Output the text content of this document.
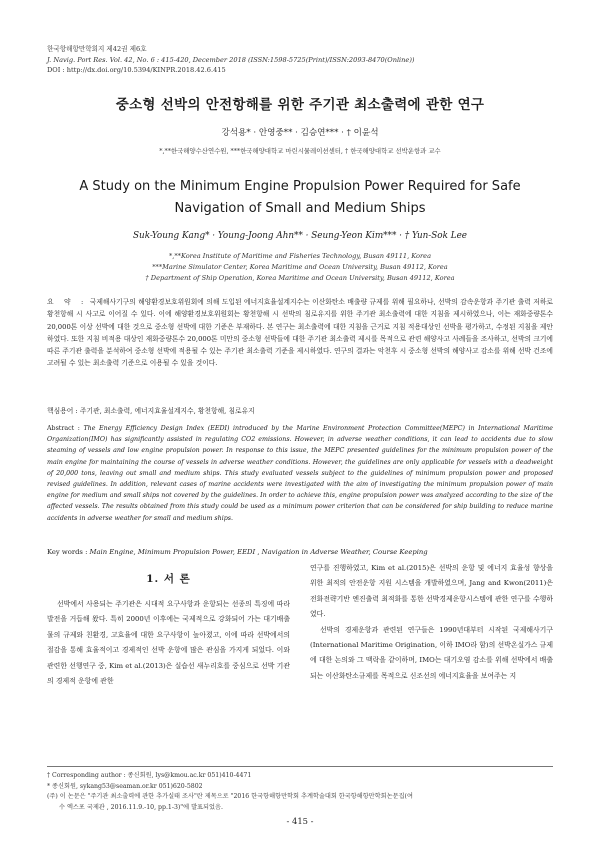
한국항해항만학회지 제42권 제6호
J. Navig. Port Res. Vol. 42, No. 6 : 415-420, December 2018 (ISSN:1598-5725(Print)/ISSN:2093-8470(Online))
DOI : http://dx.doi.org/10.5394/KINPR.2018.42.6.415
중소형 선박의 안전항해를 위한 주기관 최소출력에 관한 연구
강석용* · 안영중** · 김승연*** · † 이윤석
*,**한국해양수산연수원, ***한국해양대학교 마린시뮬레이션센터, † 한국해양대학교 선박운항과 교수
A Study on the Minimum Engine Propulsion Power Required for Safe Navigation of Small and Medium Ships
Suk-Young Kang* · Young-Joong Ahn** · Seung-Yeon Kim*** · † Yun-Sok Lee
*,**Korea Institute of Maritime and Fisheries Technology, Busan 49111, Korea
***Marine Simulator Center, Korea Maritime and Ocean University, Busan 49112, Korea
† Department of Ship Operation, Korea Maritime and Ocean University, Busan 49112, Korea
요 약 : 국제해사기구의 해양환경보호위원회에 의해 도입된 에너지효율설계지수는 이산화탄소 배출량 규제를 위해 필요하나, 선박의 감속운항과 주기관 출력 저하로 황천항해 시 사고로 이어질 수 있다. 이에 해양환경보호위원회는 황천항해 시 선박의 침로유지를 위한 주기관 최소출력에 대한 지침을 제시하였으나, 이는 재화중량톤수 20,000톤 이상 선박에 대한 것으로 중소형 선박에 대한 기준은 부재하다. 본 연구는 최소출력에 대한 지침을 근거로 지침 적용대상인 선박을 평가하고, 수정된 지침을 제안하였다. 또한 지침 비적용 대상인 재화중량톤수 20,000톤 미만의 중소형 선박들에 대한 주기관 최소출력 제시를 목적으로 관련 해양사고 사례들을 조사하고, 선박의 크기에 따른 주기관 출력을 분석하여 중소형 선박에 적용될 수 있는 주기관 최소출력 기준을 제시하였다. 연구의 결과는 악천후 시 중소형 선박의 해양사고 감소를 위해 선박 건조에 고려될 수 있는 최소출력 기준으로 이용될 수 있을 것이다.
핵심용어 : 주기관, 최소출력, 에너지효율설계지수, 황천항해, 침로유지
Abstract : The Energy Efficiency Design Index (EEDI) introduced by the Marine Environment Protection Committee(MEPC) in International Maritime Organization(IMO) has significantly assisted in regulating CO2 emissions. However, in adverse weather conditions, it can lead to accidents due to slow steaming of vessels and low engine propulsion power. In response to this issue, the MEPC presented guidelines for the minimum propulsion power of the main engine for maintaining the course of vessels in adverse weather conditions. However, the guidelines are only applicable for vessels with a deadweight of 20,000 tons, leaving out small and medium ships. This study evaluated vessels subject to the guidelines of minimum propulsion power and proposed revised guidelines. In addition, relevant cases of marine accidents were investigated with the aim of investigating the minimum propulsion power of main engine for medium and small ships not covered by the guidelines. In order to achieve this, engine propulsion power was analyzed according to the size of the affected vessels. The results obtained from this study could be used as a minimum power criterion that can be considered for ship building to reduce marine accidents in adverse weather for small and medium ships.
Key words : Main Engine, Minimum Propulsion Power, EEDI , Navigation in Adverse Weather, Course Keeping
1. 서 론
선박에서 사용되는 주기관은 시대적 요구사항과 운항되는 선종의 특징에 따라 발전을 거듭해 왔다. 특히 2000년 이후에는 국제적으로 강화되어 가는 대기배출물의 규제와 친환경, 고효율에 대한 요구사항이 높아졌고, 이에 따라 선박에서의 절감을 통해 효율적이고 경제적인 선박 운항에 많은 관심을 가지게 되었다. 이와 관련한 선행연구 중, Kim et al.(2013)은 실습선 새누리호를 중심으로 선박 기관의 경제적 운항에 관한

연구를 진행하였고, Kim et al.(2015)은 선박의 운항 및 에너지 효율성 향상을 위한 최적의 안전운항 지원 시스템을 개발하였으며, Jang and Kwon(2011)은 전화전략기반 엔진출력 최적화를 통한 선박경제운항시스템에 관한 연구를 수행하였다.

선박의 경제운항과 관련된 연구들은 1990년대부터 시작된 국제해사기구(International Maritime Origination, 이하 IMO라 함)의 선박온실가스 규제에 대한 논의와 그 맥락을 같이하며, IMO는 대기오염 감소를 위해 선박에서 배출되는 이산화탄소규제를 목적으로 신조선의 에너지효율을 보여주는 지

† Corresponding author : 종신회원, lys@kmou.ac.kr 051)410-4471
* 종신회원, sykang53@seaman.or.kr 051)620-5802
(주) 이 논문은 "주기관 최소출력에 관한 추가실태 조사"란 제목으로 "2016 한국항해항만학회 추계학술대회 한국항해항만학회논문집(여
수 엑스포 국제관 , 2016.11.9.-10, pp.1-3)"에 발표되었음.
- 415 -
